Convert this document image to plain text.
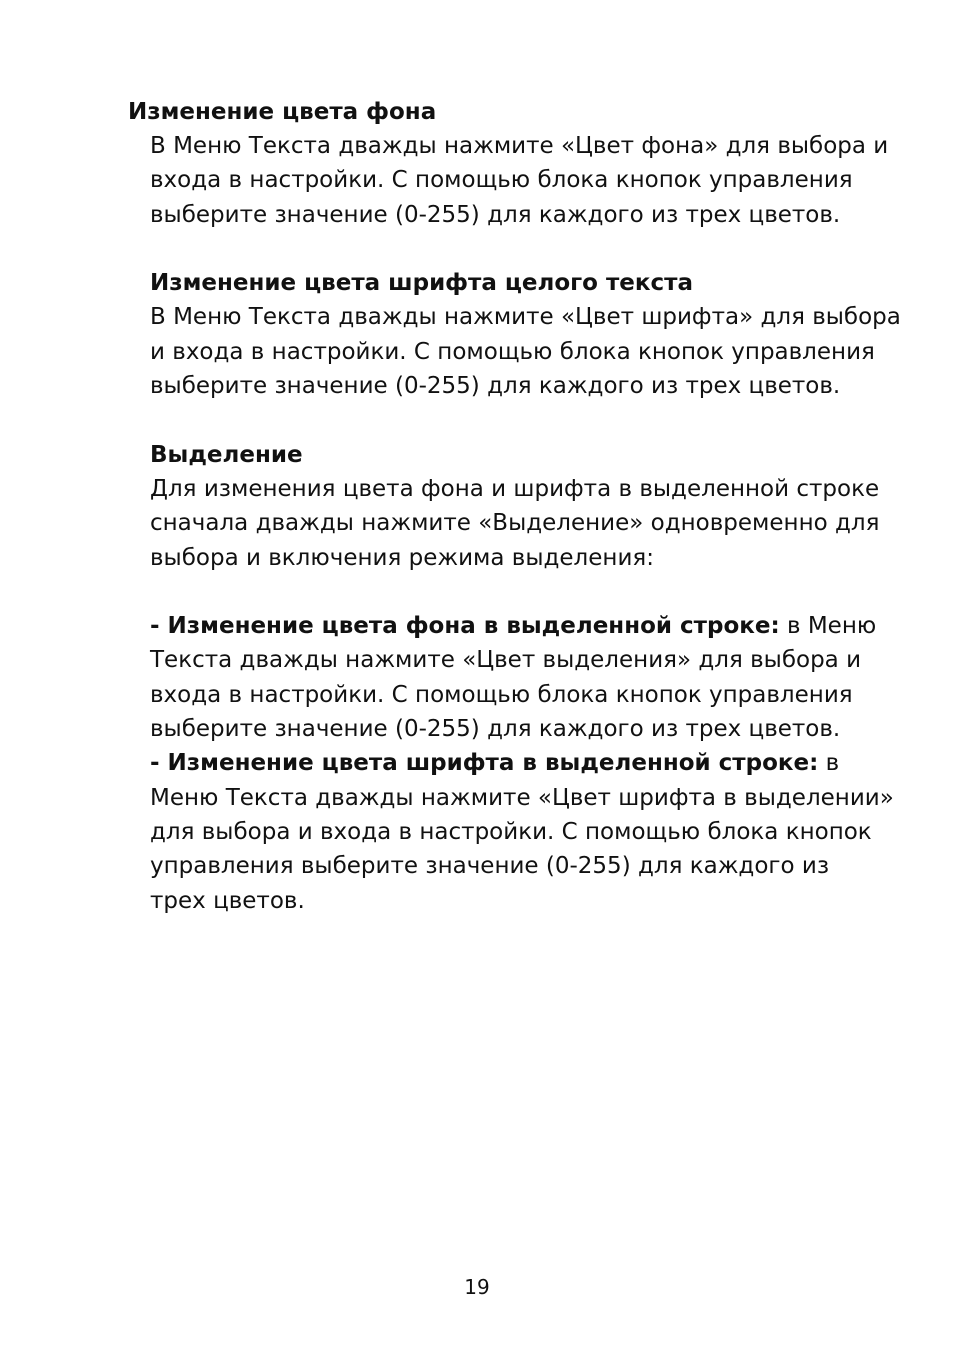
Изменение цвета фона

В Меню Текста дважды нажмите «Цвет фона» для выбора и

входа в настройки. С помощью блока кнопок управления

выберите значение (0-255) для каждого из трех цветов.

Изменение цвета шрифта целого текста

В Меню Текста дважды нажмите «Цвет шрифта» для выбора

и входа в настройки. С помощью блока кнопок управления

выберите значение (0-255) для каждого из трех цветов.

Выделение

Для изменения цвета фона и шрифта в выделенной строке

сначала дважды нажмите «Выделение» одновременно для

выбора и включения режима выделения:

- Изменение цвета фона в выделенной строке: в Меню

Текста дважды нажмите «Цвет выделения» для выбора и

входа в настройки. С помощью блока кнопок управления

выберите значение (0-255) для каждого из трех цветов.

- Изменение цвета шрифта в выделенной строке: в

Меню Текста дважды нажмите «Цвет шрифта в выделении»

для выбора и входа в настройки. С помощью блока кнопок

управления выберите значение (0-255) для каждого из

трех цветов.

19
